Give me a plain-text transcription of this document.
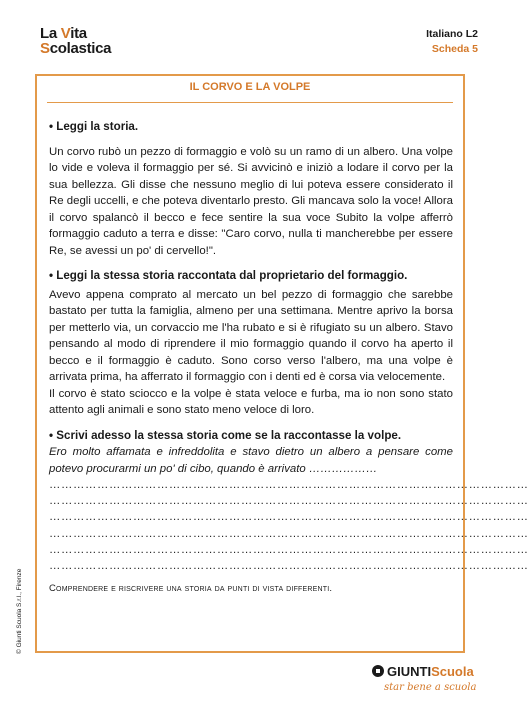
La Vita
Scolastica
Italiano L2
Scheda 5
IL CORVO E LA VOLPE

• Leggi la storia.

Un corvo rubò un pezzo di formaggio e volò su un ramo di un albero. Una volpe lo vide e voleva il formaggio per sé. Si avvicinò e iniziò a lodare il corvo per la sua bellezza. Gli disse che nessuno meglio di lui poteva essere considerato il Re degli uccelli, e che poteva diventarlo presto. Gli mancava solo la voce! Allora il corvo spalancò il becco e fece sentire la sua voce Subito la volpe afferrò formaggio caduto a terra e disse: "Caro corvo, nulla ti mancherebbe per essere Re, se avessi un po' di cervello!".

• Leggi la stessa storia raccontata dal proprietario del formaggio.

Avevo appena comprato al mercato un bel pezzo di formaggio che sarebbe bastato per tutta la famiglia, almeno per una settimana. Mentre aprivo la borsa per metterlo via, un corvaccio me l'ha rubato e si è rifugiato su un albero. Stavo pensando al modo di riprendere il mio formaggio quando il corvo ha aperto il becco e il formaggio è caduto. Sono corso verso l'albero, ma una volpe è arrivata prima, ha afferrato il formaggio con i denti ed è corsa via velocemente.

Il corvo è stato sciocco e la volpe è stata veloce e furba, ma io non sono stato attento agli animali e sono stato meno veloce di loro.

• Scrivi adesso la stessa storia come se la raccontasse la volpe.

Ero molto affamata e infreddolita e stavo dietro un albero a pensare come potevo procurarmi un po' di cibo, quando è arrivato ………………
…………………………………………………………………………………………………………
…………………………………………………………………………………………………………
…………………………………………………………………………………………………………
…………………………………………………………………………………………………………
…………………………………………………………………………………………………………
…………………………………………………………………………………………………………
Comprendere e riscrivere una storia da punti di vista differenti.
© Giunti Scuola S.r.l., Firenze
GIUNTIScuola
star bene a scuola
